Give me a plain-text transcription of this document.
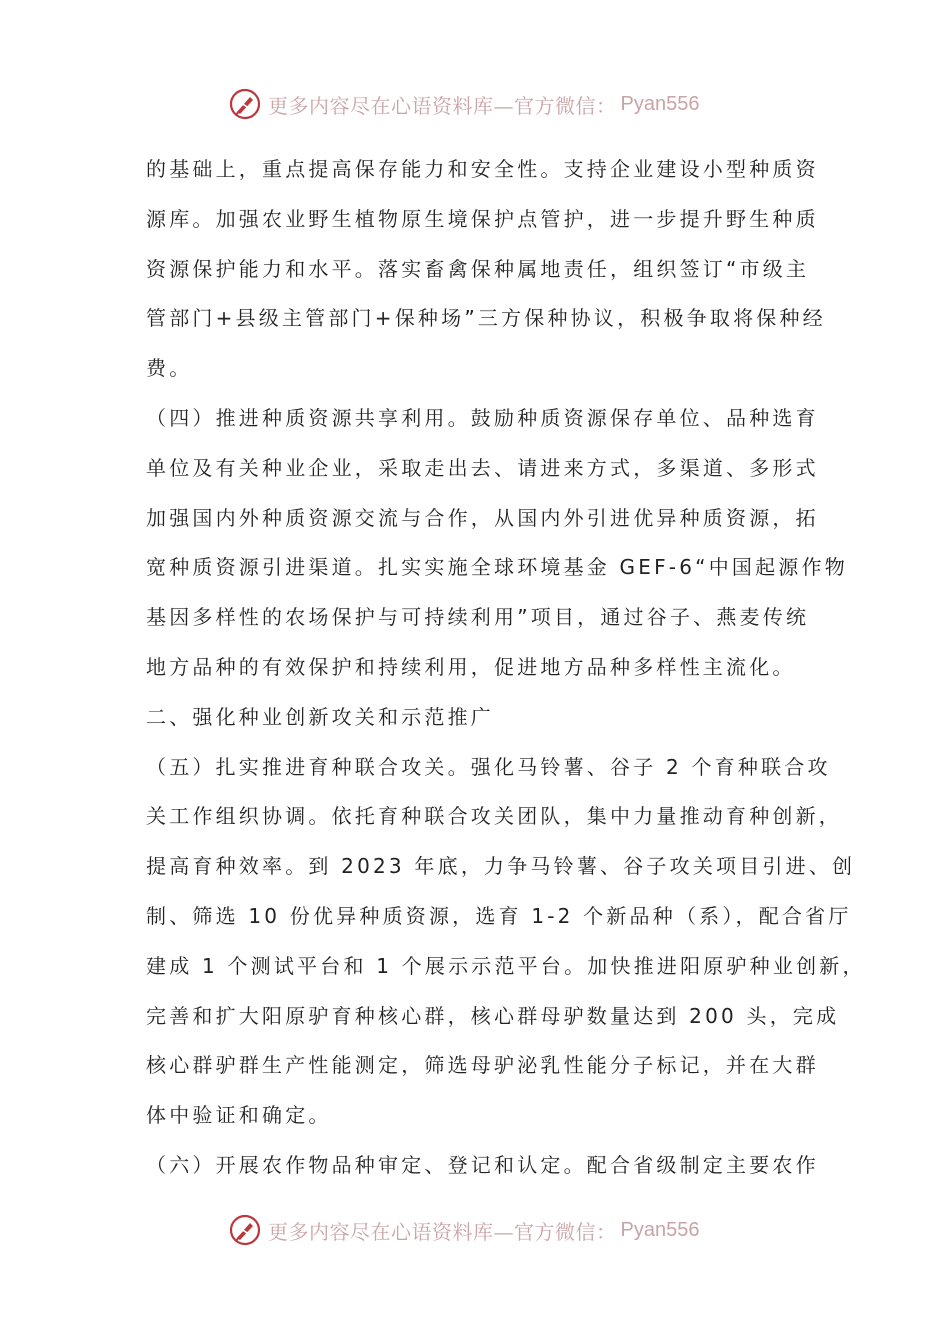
更多内容尽在心语资料库—官方微信： Pyan556
的基础上，重点提高保存能力和安全性。支持企业建设小型种质资
源库。加强农业野生植物原生境保护点管护，进一步提升野生种质
资源保护能力和水平。落实畜禽保种属地责任，组织签订“市级主
管部门+县级主管部门+保种场”三方保种协议，积极争取将保种经
费。
（四）推进种质资源共享利用。鼓励种质资源保存单位、品种选育
单位及有关种业企业，采取走出去、请进来方式，多渠道、多形式
加强国内外种质资源交流与合作，从国内外引进优异种质资源，拓
宽种质资源引进渠道。扎实实施全球环境基金 GEF-6“中国起源作物
基因多样性的农场保护与可持续利用”项目，通过谷子、燕麦传统
地方品种的有效保护和持续利用，促进地方品种多样性主流化。
二、强化种业创新攻关和示范推广
（五）扎实推进育种联合攻关。强化马铃薯、谷子 2 个育种联合攻
关工作组织协调。依托育种联合攻关团队，集中力量推动育种创新，
提高育种效率。到 2023 年底，力争马铃薯、谷子攻关项目引进、创
制、筛选 10 份优异种质资源，选育 1-2 个新品种（系），配合省厅
建成 1 个测试平台和 1 个展示示范平台。加快推进阳原驴种业创新，
完善和扩大阳原驴育种核心群，核心群母驴数量达到 200 头，完成
核心群驴群生产性能测定，筛选母驴泌乳性能分子标记，并在大群
体中验证和确定。
（六）开展农作物品种审定、登记和认定。配合省级制定主要农作
更多内容尽在心语资料库—官方微信： Pyan556
